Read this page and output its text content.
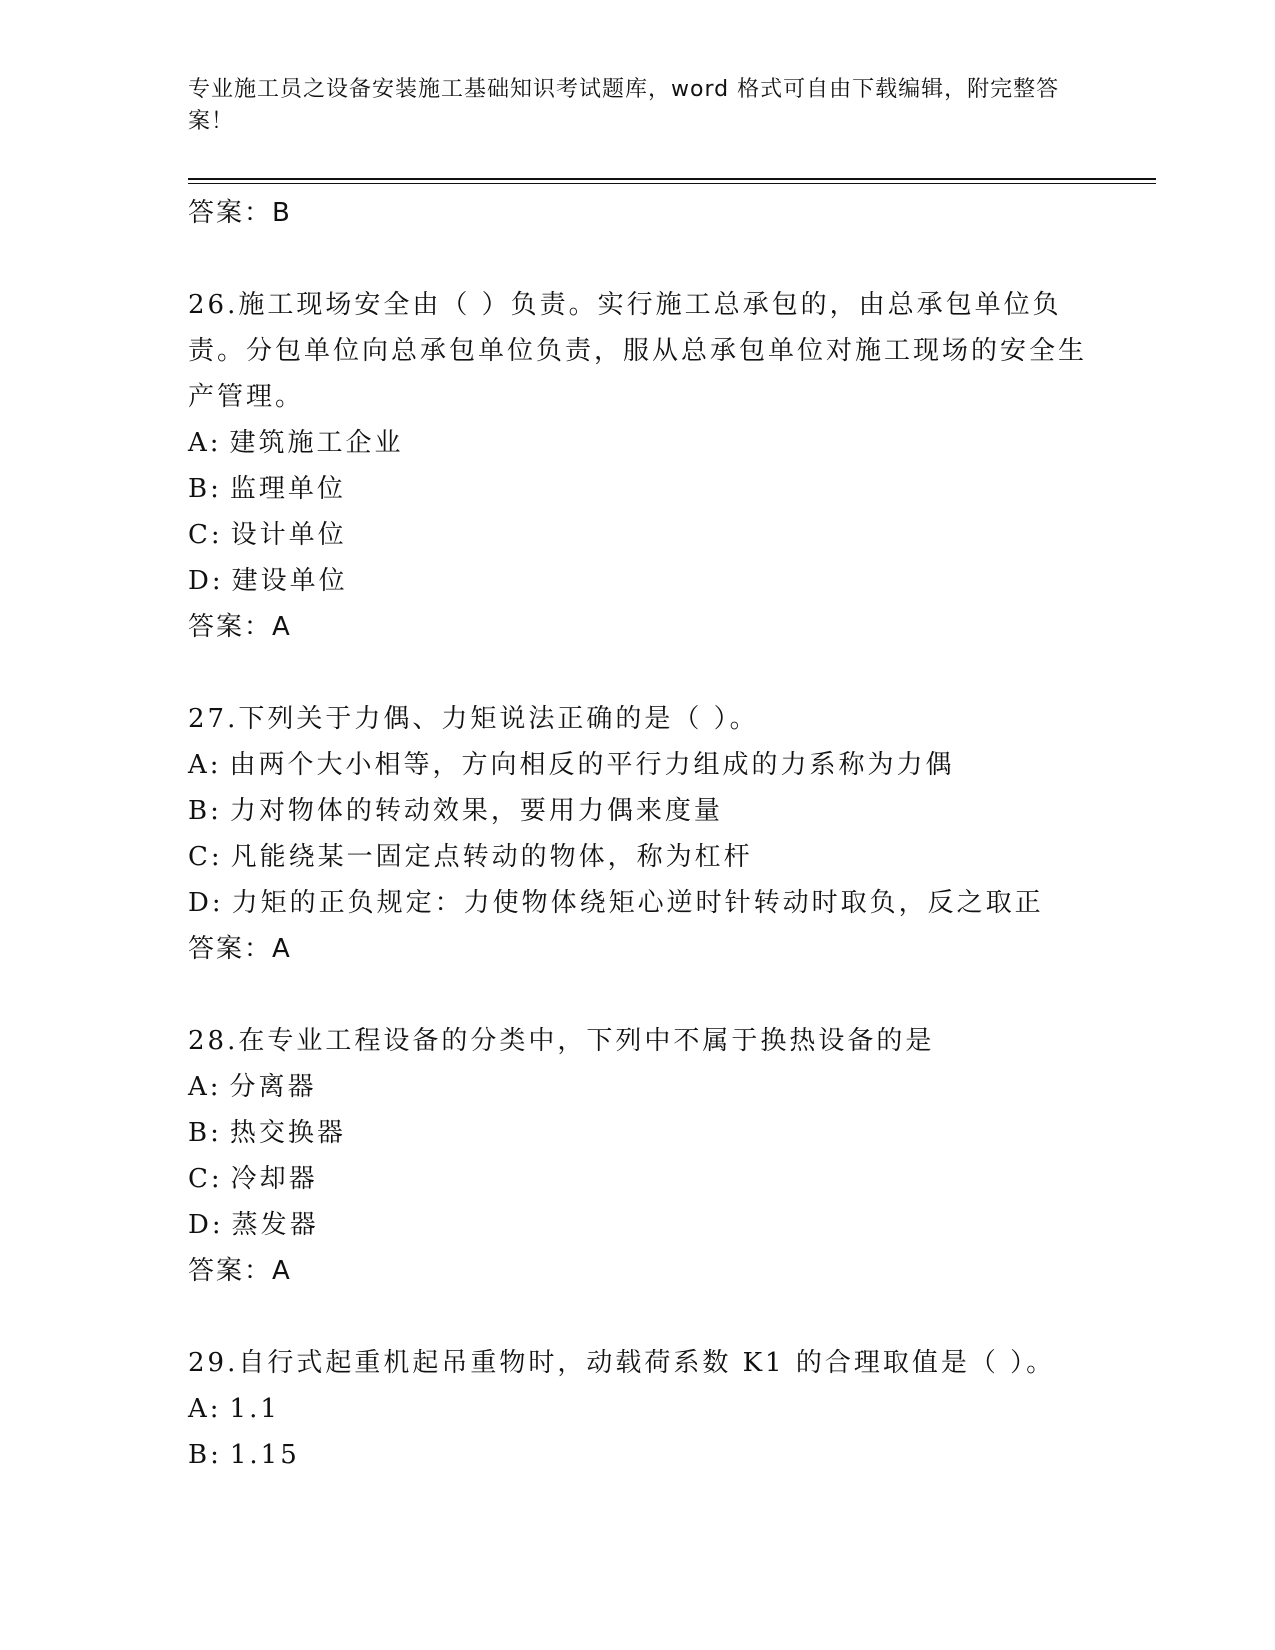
专业施工员之设备安装施工基础知识考试题库，word 格式可自由下载编辑，附完整答案！
答案：B
26.施工现场安全由（ ）负责。实行施工总承包的，由总承包单位负责。分包单位向总承包单位负责，服从总承包单位对施工现场的安全生产管理。
A: 建筑施工企业
B: 监理单位
C: 设计单位
D: 建设单位
答案：A
27.下列关于力偶、力矩说法正确的是（ ）。
A: 由两个大小相等，方向相反的平行力组成的力系称为力偶
B: 力对物体的转动效果，要用力偶来度量
C: 凡能绕某一固定点转动的物体，称为杠杆
D: 力矩的正负规定：力使物体绕矩心逆时针转动时取负，反之取正
答案：A
28.在专业工程设备的分类中，下列中不属于换热设备的是
A: 分离器
B: 热交换器
C: 冷却器
D: 蒸发器
答案：A
29.自行式起重机起吊重物时，动载荷系数 K1 的合理取值是（ ）。
A: 1.1
B: 1.15
